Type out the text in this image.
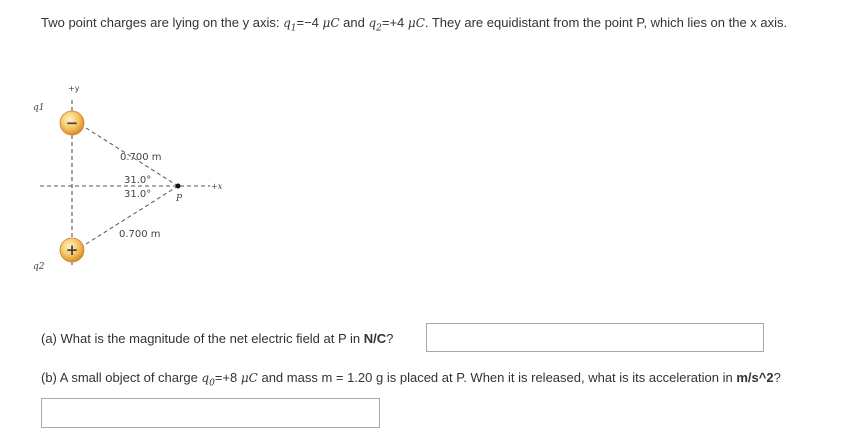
Two point charges are lying on the y axis: $q_1=-4$ μC and $q_2=+4$ μC. They are equidistant from the point P, which lies on the x axis.
−
+
+y
+x
q1
q2
0.700 m
0.700 m
31.0°
31.0°	P
(a) What is the magnitude of the net electric field at P in N/C?
(b) A small object of charge $q_0=+8$ μC and mass m = 1.20 g is placed at P. When it is released, what is its acceleration in m/s^2?
